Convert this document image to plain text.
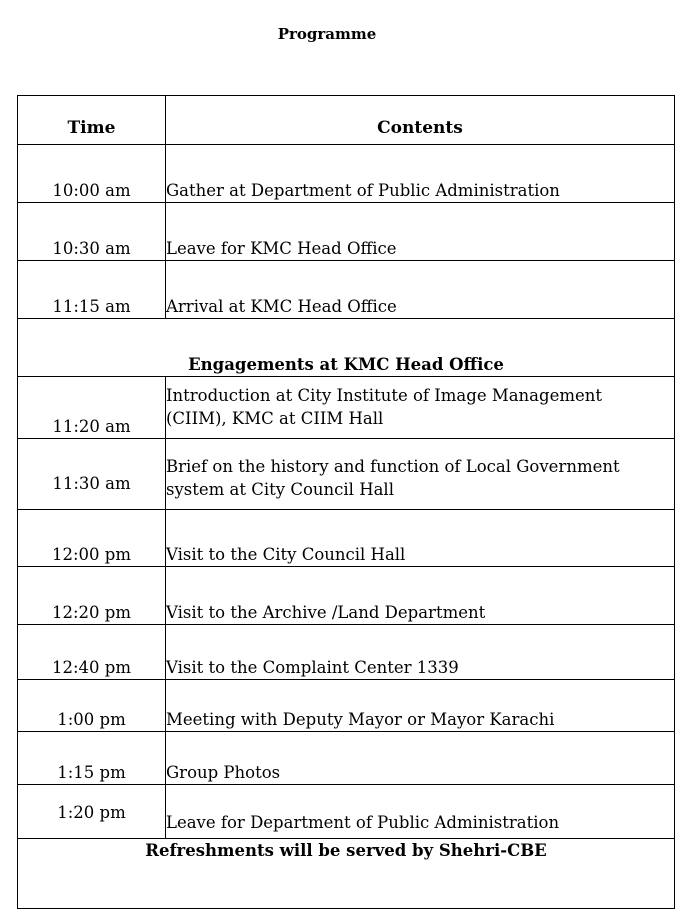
Programme
Time	Contents
10:00 am	Gather at Department of Public Administration
10:30 am	Leave for KMC Head Office
11:15 am	Arrival at KMC Head Office
Engagements at KMC Head Office	
11:20 am	Introduction at City Institute of Image Management (CIIM), KMC at CIIM Hall
11:30 am	Brief on the history and function of Local Government system at City Council Hall
12:00 pm	Visit to the City Council Hall
12:20 pm	Visit to the Archive /Land Department
12:40 pm	Visit to the Complaint Center 1339
1:00 pm	Meeting with Deputy Mayor or Mayor Karachi
1:15 pm	Group Photos
1:20 pm	Leave for Department of Public Administration
Refreshments will be served by Shehri-CBE	
